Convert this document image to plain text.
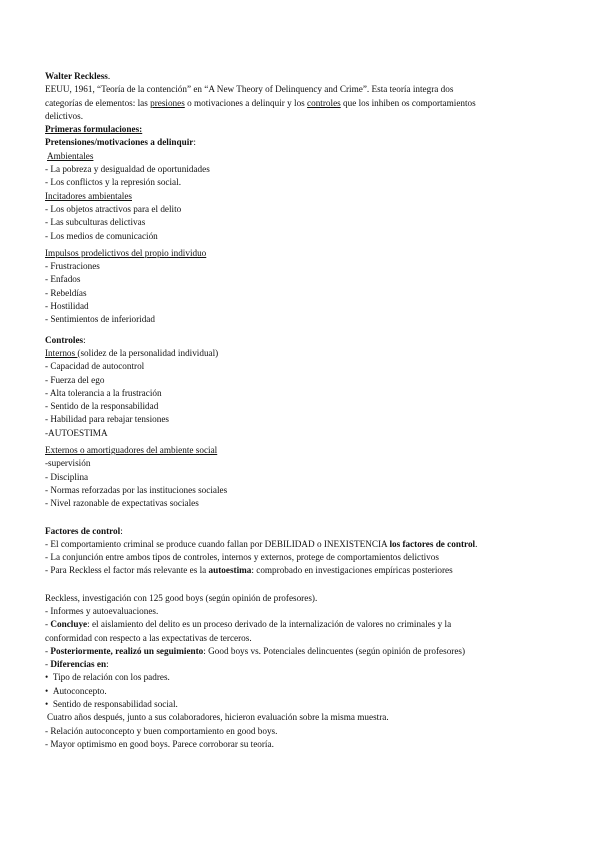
Walter Reckless.
EEUU, 1961, “Teoría de la contención” en “A New Theory of Delinquency and Crime”. Esta teoría integra dos
categorías de elementos: las presiones o motivaciones a delinquir y los controles que los inhiben os comportamientos
delictivos.
Primeras formulaciones:
Pretensiones/motivaciones a delinquir:
Ambientales
- La pobreza y desigualdad de oportunidades
- Los conflictos y la represión social.
Incitadores ambientales
- Los objetos atractivos para el delito
- Las subculturas delictivas
- Los medios de comunicación
Impulsos prodelictivos del propio individuo
- Frustraciones
- Enfados
- Rebeldías
- Hostilidad
- Sentimientos de inferioridad
Controles:
Internos (solidez de la personalidad individual)
- Capacidad de autocontrol
- Fuerza del ego
- Alta tolerancia a la frustración
- Sentido de la responsabilidad
- Habilidad para rebajar tensiones
-AUTOESTIMA
Externos o amortiguadores del ambiente social
-supervisión
- Disciplina
- Normas reforzadas por las instituciones sociales
- Nivel razonable de expectativas sociales
Factores de control:
- El comportamiento criminal se produce cuando fallan por DEBILIDAD o INEXISTENCIA los factores de control.
- La conjunción entre ambos tipos de controles, internos y externos, protege de comportamientos delictivos
- Para Reckless el factor más relevante es la autoestima: comprobado en investigaciones empíricas posteriores
Reckless, investigación con 125 good boys (según opinión de profesores).
- Informes y autoevaluaciones.
- Concluye: el aislamiento del delito es un proceso derivado de la internalización de valores no criminales y la
conformidad con respecto a las expectativas de terceros.
- Posteriormente, realizó un seguimiento: Good boys vs. Potenciales delincuentes (según opinión de profesores)
- Diferencias en:
• Tipo de relación con los padres.
• Autoconcepto.
• Sentido de responsabilidad social.
Cuatro años después, junto a sus colaboradores, hicieron evaluación sobre la misma muestra.
- Relación autoconcepto y buen comportamiento en good boys.
- Mayor optimismo en good boys. Parece corroborar su teoría.
